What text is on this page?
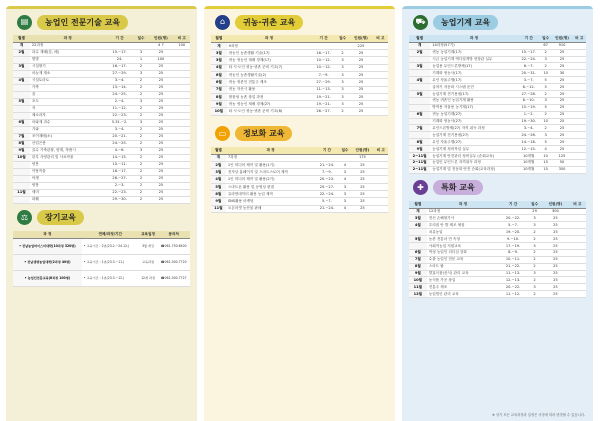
▤	농업인 전문기술 교육
월별	과 정	기 간	일수	인원(명)	비 고
계	22과정			4 7	100
2월	과수 재배(감, 배)	15.~17.	3	25	
	밤발	24.	1	100	
3월	시설딸기	16.~17.	2	25	
	마늘재 재소	27.~29.	3	25	
4월	시설토마토	3.~4.	2	25	
	가축	13.~14.	2	25	
	꿀	24.~25.	2	25	
5월	포도	2.~4.	3	25	
	자	11.~12.	2	25	
	채소과자	22.~23.	2	25	
6월	마와재 과수	5.31.~2.	3	25	
	기와	3.~4.	2	25	
7월	조이재배(소)	20.~21.	2	25	
8월	산업곤충	24.~25.	2	25	
9월	골수 가축관찰, 양계, 착즙시	4.~6.	3	25	
10월	한우 사양관리 및 사료작물	14.~15.	2	25	
	양봉	10.~11.	2	25	
	약용작물	16.~17.	2	25	
	야생	26.~27.	2	25	
	양봉	2.~3.	2	25	
11월	세미	22.~23.	2	25	
	화훼	29.~30.	2	25	
⚖	장기교육
과 정	연례/과정/기간	교육일정	문의처
• 전남농업마이스터대학(10과정 320명)	• 교육기간 : 2년(23.2.~24.12.)	3월 개강	☎061-750-6400
• 전남생명농업대학(2과정 40명)	• 교육기간 : 1년(23.3.~11.)	교육과정	☎061-300-7720
• 농업인전문교육(8과정 100명)	• 교육기간 : 1년(23.3.~12.)	12개 과정	☎061-300-7727
⌂	귀농·귀촌 교육
월별	과 정	기 간	일수	인원(명)	비 고
계	9과정			225	
3월	귀농인 농촌생활 기술(17)	16.~17.	2	25	
3월	귀농 귀농인 재배 경제(17)	10.~12.	3	25	
4월	타 시·도인 귀농·귀촌 준비 기초(7)	10.~12.	3	25	
6월	귀농인 농촌생활기술(2)	7.~9.	3	25	
6월	귀농 귀촌인 전통주 제조	27.~29.	3	25	
7월	귀농 자산시 활용	11.~13.	3	25	
8월	딸품형 농촌 창업 과정	19.~21.	3	25	
9월	귀농 귀농인 재배 경제(2?)	19.~21.	3	25	
10월	타 시·도인 귀농·귀촌 준비 기초(8)	26.~27.	2	25	
▭	정보화 교육
월별	과 정	기 간	일수	인원(명)	비 고
계	7과정			175	
2월	1인 미디어 제작 및 활용(1기)	21.~24.	4	25	
3월	전자상 홈페이지 및 스마트스토어 제작	7.~9.	3	25	
4월	1인 미디어 제작 및 활용(2기)	20.~23.	4	25	
5월	스마트폰 활용 및 동영상 편집	25.~27.	3	25	
8월	유라면데이터 활용 농업 제작	22.~24.	3	25	
9월	SNS활용 마케팅	5.~7.	3	25	
11월	오픈마켓 농산물 판매	21.~24.	4	25	
⛟	농업기계 교육
월별	과 정	기 간	일수	인원(명)	비 고
계	14과정(57기)		67	910	
2월	귀농 농업기계(17)	15.~17.	2	25	
	시금 농업기계 엑디컬개방 현장관 실무	22.~24.	3	25	
3월	농업용 무인드론방제(17)	6.~7.	2	25	
	기계화 영농사(17)	20.~31.	10	30	
4월	무인 자율주행(17)	3.~7.	5	25	
	굴착기 자동화 시스템 운전	6.~12.	5	25	
5월	농업기계 전기용접(17)	27.~28.	2	25	
	귀농 귀촌인 농업기계 활용	8.~10.	3	25	
	방역용 자율용 농기계(17)	15.~19.	5	25	
6월	귀농 농업기계(27)	1.~2.	2	25	
	기계화 영농사(27)	19.~30.	10	25	
7월	무인드론방제(27) 자격 취득 과정	3.~4.	2	25	
	농업기계 전기용접(27)	24.~26.	3	25	
8월	무인 자율주행(27)	14.~18.	5	25	
9월	농업기계 정비작업 실무	12.~15.	4	25	
2~11월	농업기계 안전관리 정비실무 (순회교육)	10개월	10	125	
2~11월	농업인 무인드론 자격취득 과정	10개월	15	50	
2~11월	농업기계 및 전동화 안전 순회(교육과정)	10개월	15	350	
✚	특화 교육
월별	과 정	기 간	일수	인원(명)	비 고
계	12과정		29	300	
3월	전신 손해평가사	20.~22.	3	25	
4월	우리집 안 발 제조 체험	5.~7.	3	25	
	치유농업	19.~20.	2	25	
5월	농촌 전통마 민 속청	9.~10.	2	25	
	사회적농업 지원교육	17.~19.	3	25	
6월	여성 농업인 리더십 강화	8.~9.	2	25	
7월	수출 농업인 전문 교육	10.~11.	2	25	
8월	스마트 팜	21.~22.	2	25	
9월	발효식품(음식) 관리 교육	11.~13.	3	25	
10월	농식품 가공 창업	12.~13.	2	25	
11월	전통주 제조	20.~22.	3	25	
12월	농업법인 관리 교육	11.~12.	2	25	
※ 상기 모든 교육과정과 일정은 사정에 따라 변경될 수 있습니다.
